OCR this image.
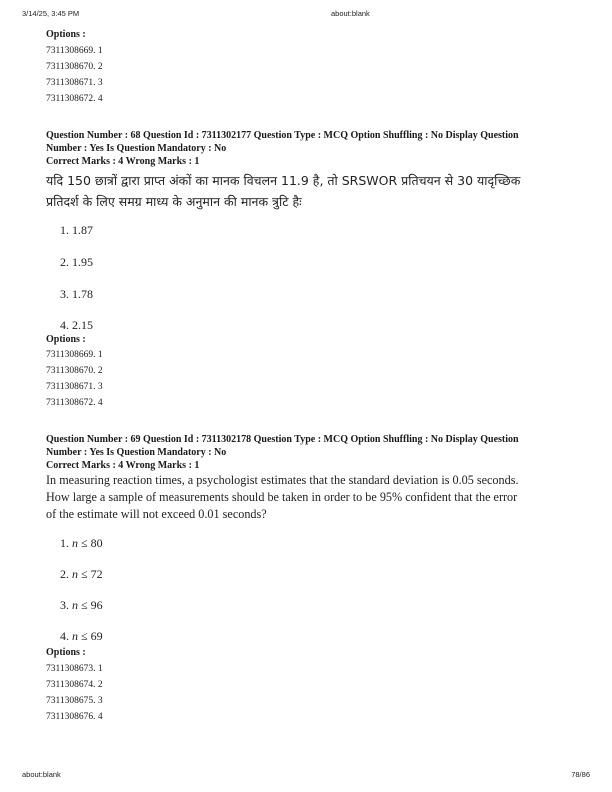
3/14/25, 3:45 PM	about:blank
Options :
7311308669. 1
7311308670. 2
7311308671. 3
7311308672. 4
Question Number : 68 Question Id : 7311302177 Question Type : MCQ Option Shuffling : No Display Question
Number : Yes Is Question Mandatory : No
Correct Marks : 4 Wrong Marks : 1
यदि 150 छात्रों द्वारा प्राप्त अंकों का मानक विचलन 11.9 है, तो SRSWOR प्रतिचयन से 30 यादृच्छिक
प्रतिदर्श के लिए समग्र माध्य के अनुमान की मानक त्रुटि हैः
1. 1.87
2. 1.95
3. 1.78
4. 2.15
Options :
7311308669. 1
7311308670. 2
7311308671. 3
7311308672. 4
Question Number : 69 Question Id : 7311302178 Question Type : MCQ Option Shuffling : No Display Question
Number : Yes Is Question Mandatory : No
Correct Marks : 4 Wrong Marks : 1
In measuring reaction times, a psychologist estimates that the standard deviation is 0.05 seconds.
How large a sample of measurements should be taken in order to be 95% confident that the error
of the estimate will not exceed 0.01 seconds?
1. n ≤ 80
2. n ≤ 72
3. n ≤ 96
4. n ≤ 69
Options :
7311308673. 1
7311308674. 2
7311308675. 3
7311308676. 4
about:blank	78/86
